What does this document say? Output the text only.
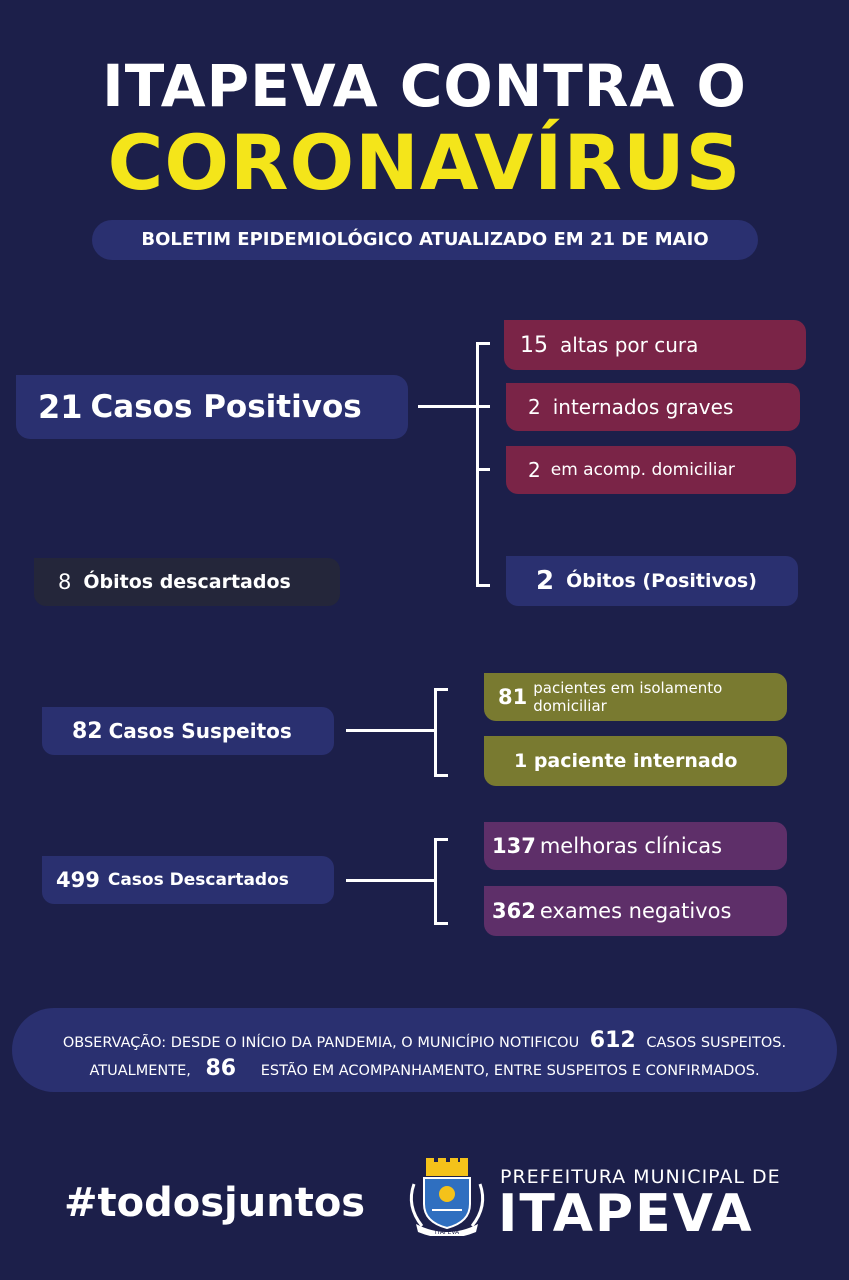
ITAPEVA CONTRA O
CORONAVÍRUS
BOLETIM EPIDEMIOLÓGICO ATUALIZADO EM 21 DE MAIO
21 Casos Positivos
15 altas por cura
2 internados graves
2 em acomp. domiciliar
2 Óbitos (Positivos)
8 Óbitos descartados
82 Casos Suspeitos
81 pacientes em isolamento
domiciliar
1 paciente internado
499 Casos Descartados
137 melhoras clínicas
362 exames negativos
OBSERVAÇÃO: DESDE O INÍCIO DA PANDEMIA, O MUNICÍPIO NOTIFICOU 612 CASOS SUSPEITOS.
ATUALMENTE, 86 ESTÃO EM ACOMPANHAMENTO, ENTRE SUSPEITOS E CONFIRMADOS.
#todosjuntos
ITAPEVA
PREFEITURA MUNICIPAL DE
ITAPEVA
